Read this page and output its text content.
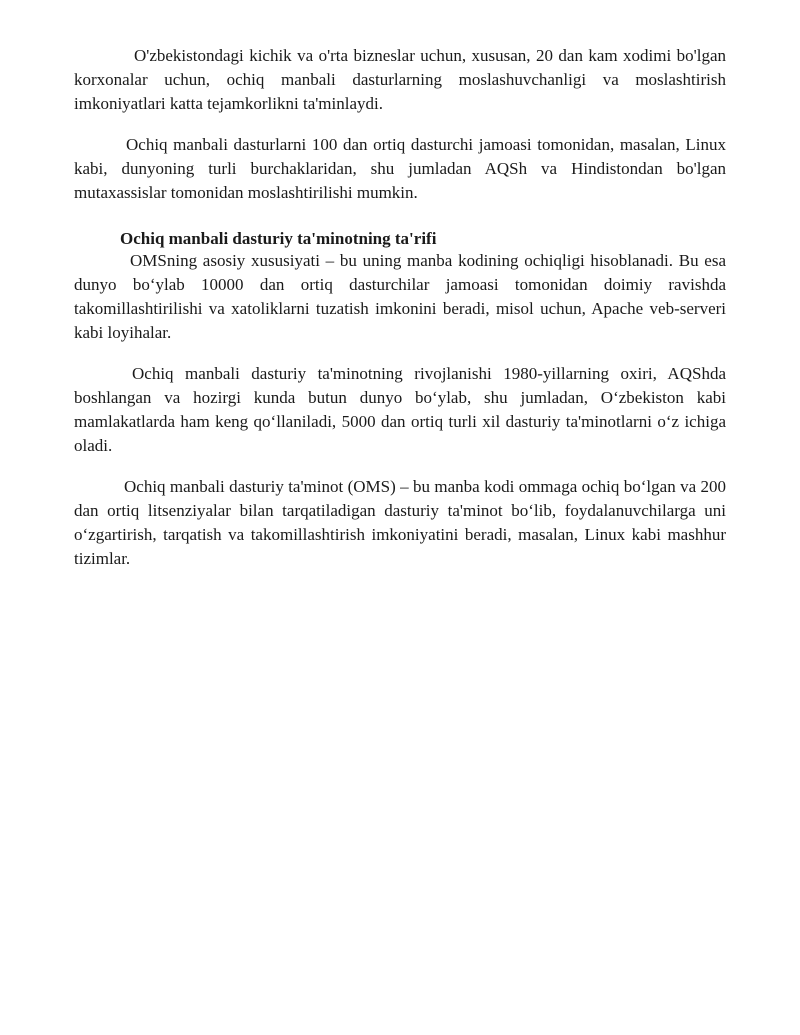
O'zbekistondagi kichik va o'rta bizneslar uchun, xususan, 20 dan kam xodimi bo'lgan korxonalar uchun, ochiq manbali dasturlarning moslashuvchanligi va moslashtirish imkoniyatlari katta tejamkorlikni ta'minlaydi.

Ochiq manbali dasturlarni 100 dan ortiq dasturchi jamoasi tomonidan, masalan, Linux kabi, dunyoning turli burchaklaridan, shu jumladan AQSh va Hindistondan bo'lgan mutaxassislar tomonidan moslashtirilishi mumkin.

Ochiq manbali dasturiy ta'minotning ta'rifi

OMSning asosiy xususiyati – bu uning manba kodining ochiqligi hisoblanadi. Bu esa dunyo bo‘ylab 10000 dan ortiq dasturchilar jamoasi tomonidan doimiy ravishda takomillashtirilishi va xatoliklarni tuzatish imkonini beradi, misol uchun, Apache veb-serveri kabi loyihalar.

Ochiq manbali dasturiy ta'minotning rivojlanishi 1980-yillarning oxiri, AQShda boshlangan va hozirgi kunda butun dunyo bo‘ylab, shu jumladan, O‘zbekiston kabi mamlakatlarda ham keng qo‘llaniladi, 5000 dan ortiq turli xil dasturiy ta'minotlarni o‘z ichiga oladi.

Ochiq manbali dasturiy ta'minot (OMS) – bu manba kodi ommaga ochiq bo‘lgan va 200 dan ortiq litsenziyalar bilan tarqatiladigan dasturiy ta'minot bo‘lib, foydalanuvchilarga uni o‘zgartirish, tarqatish va takomillashtirish imkoniyatini beradi, masalan, Linux kabi mashhur tizimlar.
